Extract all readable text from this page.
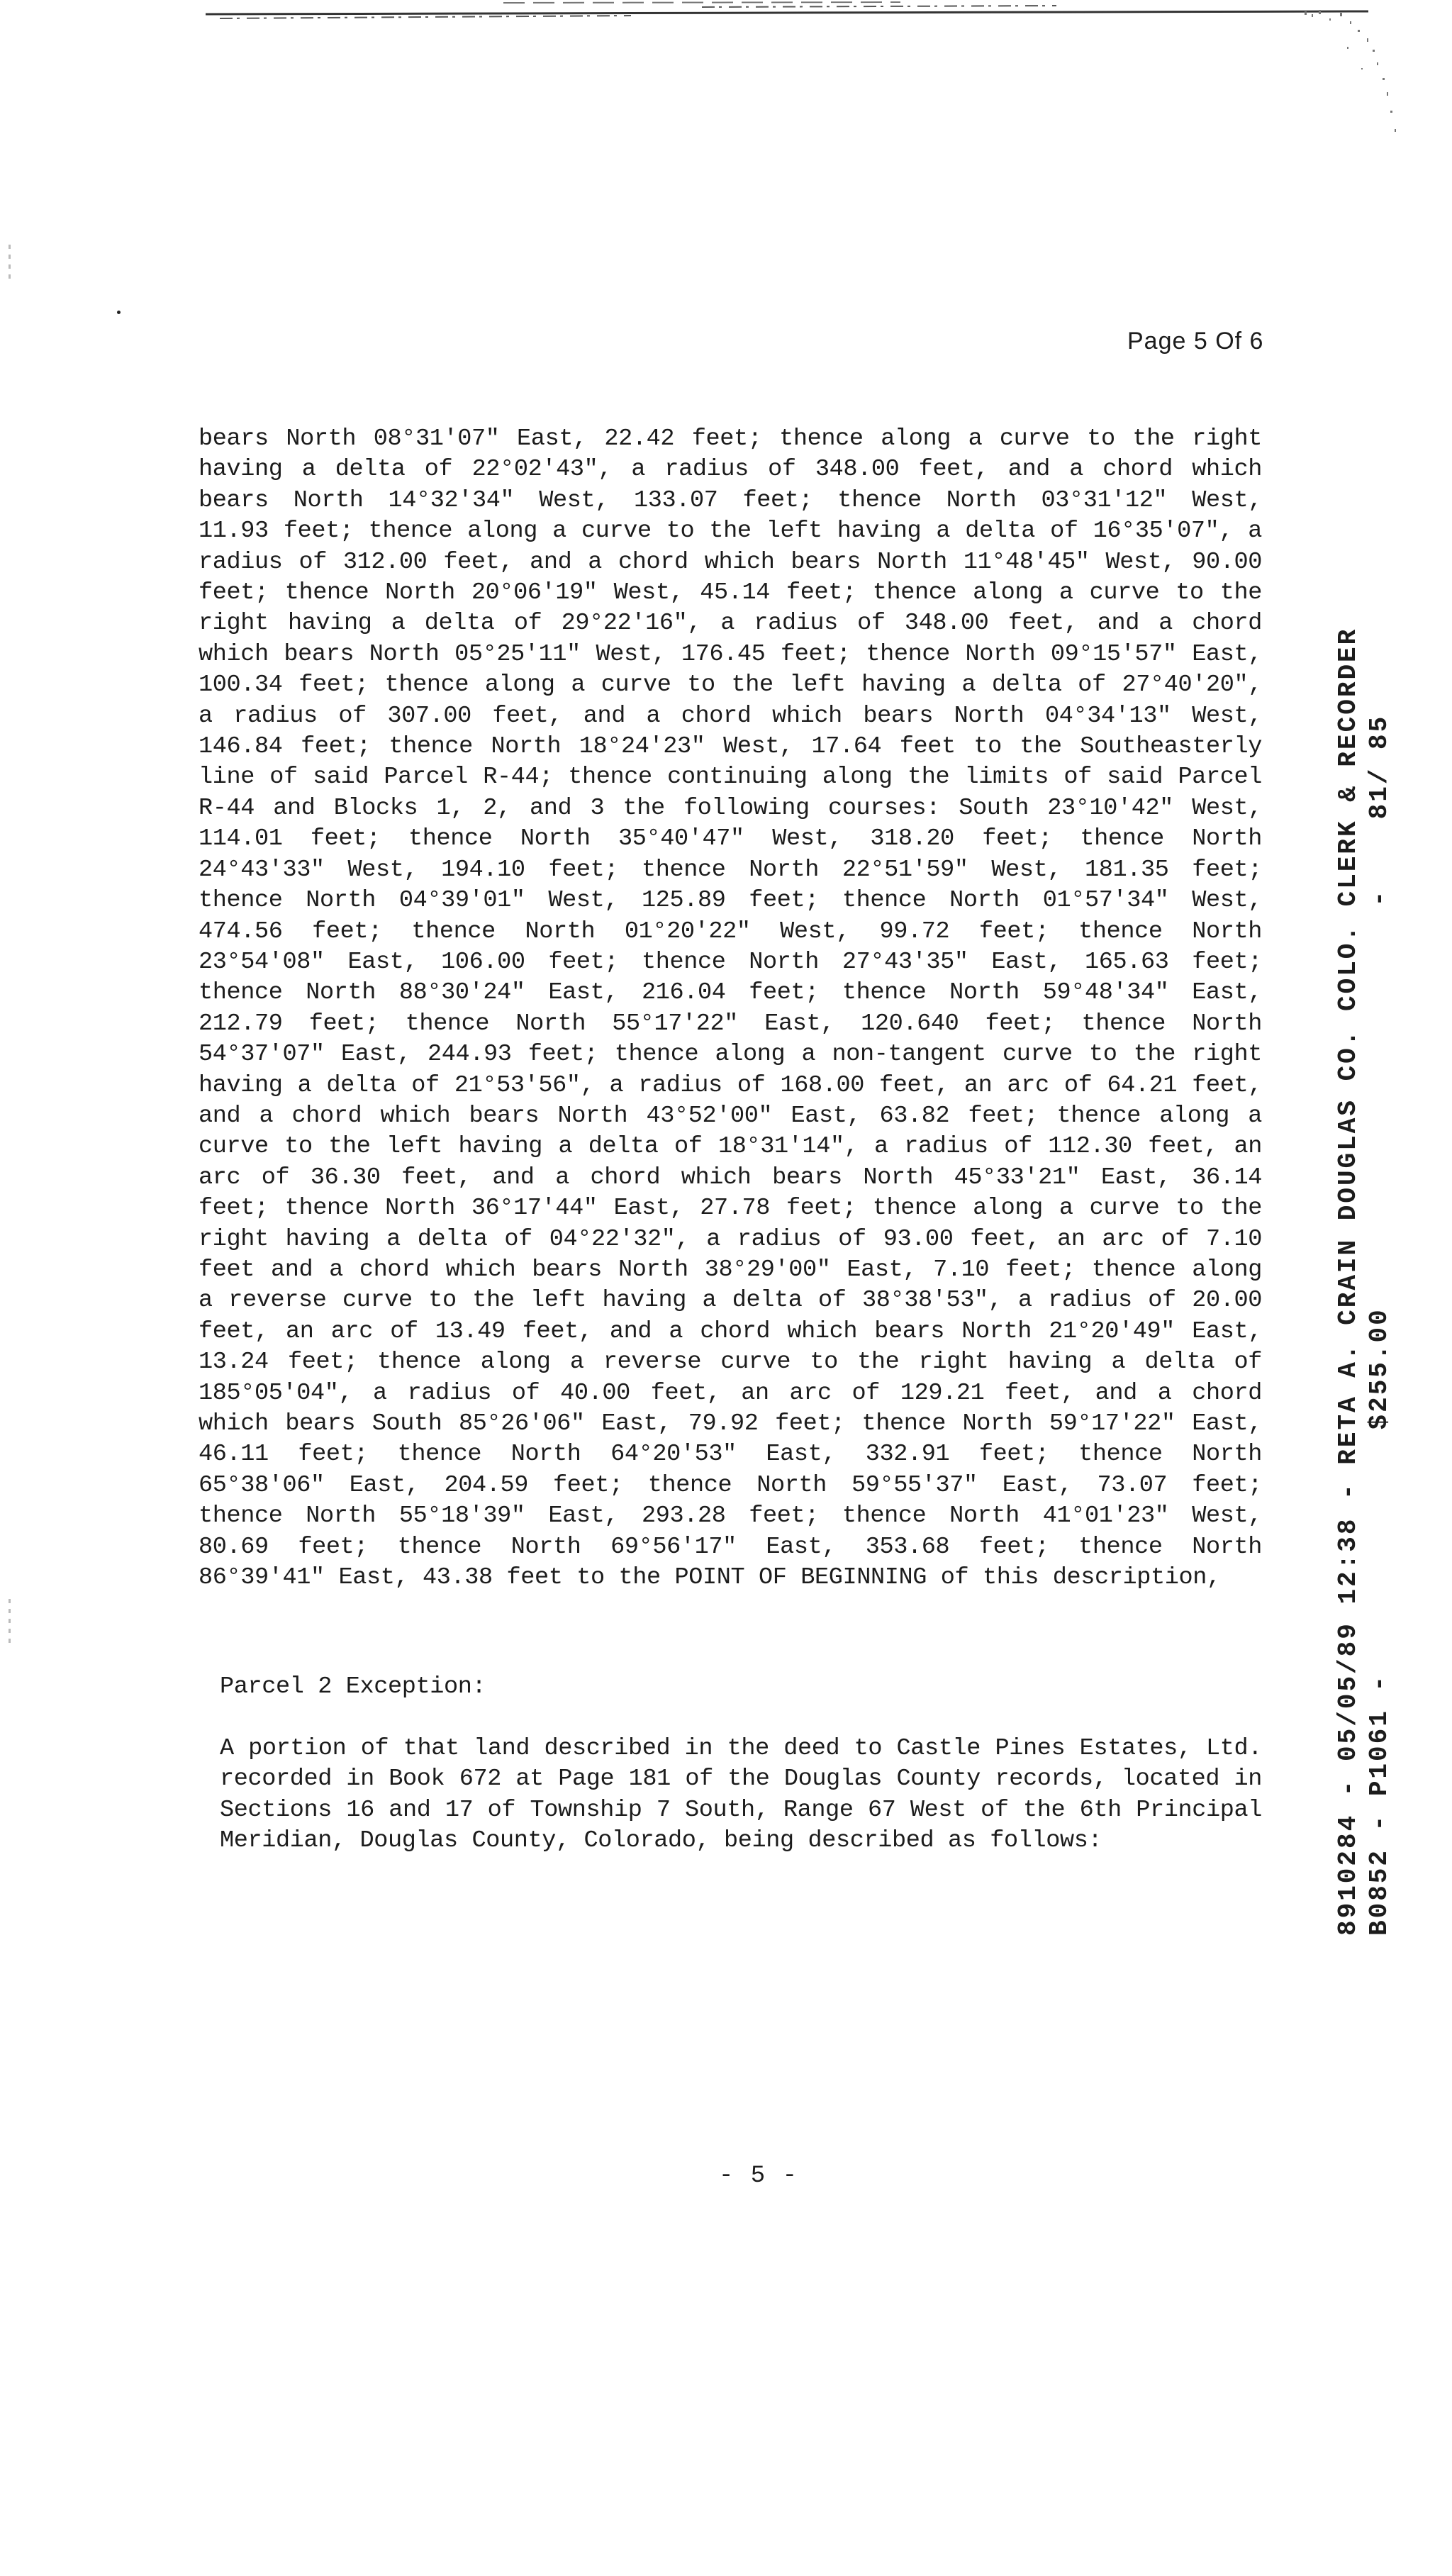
Page 5 Of 6
bears North 08°31'07" East, 22.42 feet; thence along a curve to the right
having a delta of 22°02'43", a radius of 348.00 feet, and a chord which
bears North 14°32'34" West, 133.07 feet; thence North 03°31'12" West,
11.93 feet; thence along a curve to the left having a delta of 16°35'07", a
radius of 312.00 feet, and a chord which bears North 11°48'45" West, 90.00
feet; thence North 20°06'19" West, 45.14 feet; thence along a curve to the
right having a delta of 29°22'16", a radius of 348.00 feet, and a chord
which bears North 05°25'11" West, 176.45 feet; thence North 09°15'57" East,
100.34 feet; thence along a curve to the left having a delta of 27°40'20",
a radius of 307.00 feet, and a chord which bears North 04°34'13" West,
146.84 feet; thence North 18°24'23" West, 17.64 feet to the Southeasterly
line of said Parcel R-44; thence continuing along the limits of said Parcel
R-44 and Blocks 1, 2, and 3 the following courses: South 23°10'42" West,
114.01 feet; thence North 35°40'47" West, 318.20 feet; thence North
24°43'33" West, 194.10 feet; thence North 22°51'59" West, 181.35 feet;
thence North 04°39'01" West, 125.89 feet; thence North 01°57'34" West,
474.56 feet; thence North 01°20'22" West, 99.72 feet; thence North
23°54'08" East, 106.00 feet; thence North 27°43'35" East, 165.63 feet;
thence North 88°30'24" East, 216.04 feet; thence North 59°48'34" East,
212.79 feet; thence North 55°17'22" East, 120.640 feet; thence North
54°37'07" East, 244.93 feet; thence along a non-tangent curve to the right
having a delta of 21°53'56", a radius of 168.00 feet, an arc of 64.21 feet,
and a chord which bears North 43°52'00" East, 63.82 feet; thence along a
curve to the left having a delta of 18°31'14", a radius of 112.30 feet, an
arc of 36.30 feet, and a chord which bears North 45°33'21" East, 36.14
feet; thence North 36°17'44" East, 27.78 feet; thence along a curve to the
right having a delta of 04°22'32", a radius of 93.00 feet, an arc of 7.10
feet and a chord which bears North 38°29'00" East, 7.10 feet; thence along
a reverse curve to the left having a delta of 38°38'53", a radius of 20.00
feet, an arc of 13.49 feet, and a chord which bears North 21°20'49" East,
13.24 feet; thence along a reverse curve to the right having a delta of
185°05'04", a radius of 40.00 feet, an arc of 129.21 feet, and a chord
which bears South 85°26'06" East, 79.92 feet; thence North 59°17'22" East,
46.11 feet; thence North 64°20'53" East, 332.91 feet; thence North
65°38'06" East, 204.59 feet; thence North 59°55'37" East, 73.07 feet;
thence North 55°18'39" East, 293.28 feet; thence North 41°01'23" West,
80.69 feet; thence North 69°56'17" East, 353.68 feet; thence North
86°39'41" East, 43.38 feet to the POINT OF BEGINNING of this description,
Parcel 2 Exception:
A portion of that land described in the deed to Castle Pines Estates, Ltd.
recorded in Book 672 at Page 181 of the Douglas County records, located in
Sections 16 and 17 of Township 7 South, Range 67 West of the 6th Principal
Meridian, Douglas County, Colorado, being described as follows:
- 5 -
8910284 - 05/05/89 12:38 - RETA A. CRAIN DOUGLAS CO. COLO. CLERK & RECORDER B0852 - P1061 -              $255.00                       -    81/ 85
